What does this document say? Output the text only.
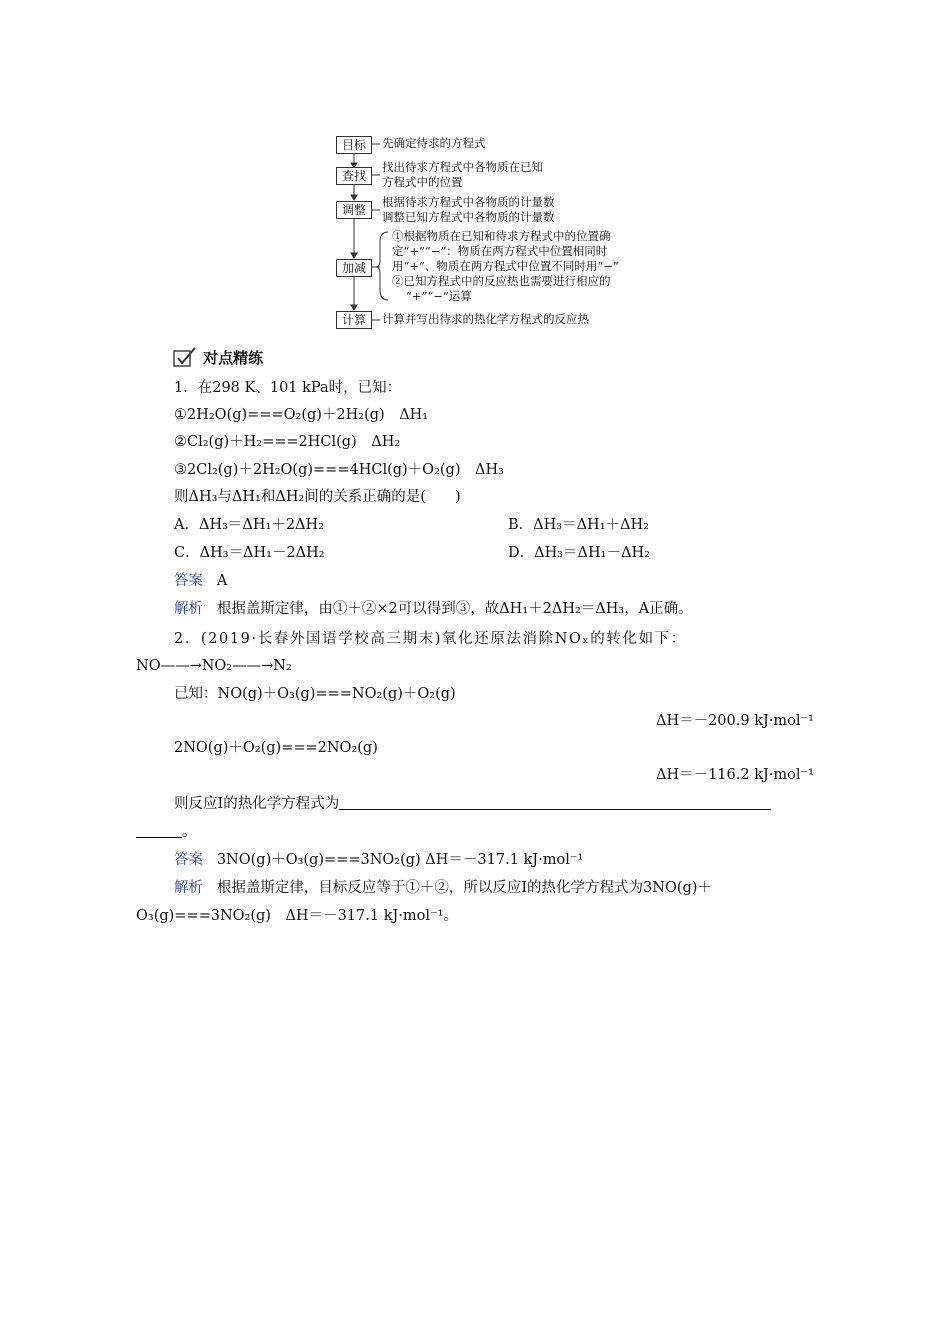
目标	先确定待求的方程式
查找
找出待求方程式中各物质在已知
方程式中的位置
调整
根据待求方程式中各物质的计量数
调整已知方程式中各物质的计量数
加减
①根据物质在已知和待求方程式中的位置确
定“+”“−”：物质在两方程式中位置相同时
用“+”、物质在两方程式中位置不同时用“−”
②已知方程式中的反应热也需要进行相应的
“+”“−”运算
计算	计算并写出待求的热化学方程式的反应热
对点精练
1．在298 K、101 kPa时，已知：
①2H₂O(g)===O₂(g)＋2H₂(g)　ΔH₁
②Cl₂(g)＋H₂===2HCl(g)　ΔH₂
③2Cl₂(g)＋2H₂O(g)===4HCl(g)＋O₂(g)　ΔH₃
则ΔH₃与ΔH₁和ΔH₂间的关系正确的是(　　)
A．ΔH₃＝ΔH₁＋2ΔH₂	B．ΔH₃＝ΔH₁＋ΔH₂
C．ΔH₃＝ΔH₁－2ΔH₂	D．ΔH₃＝ΔH₁－ΔH₂
答案 A
解析 根据盖斯定律，由①＋②×2可以得到③，故ΔH₁＋2ΔH₂＝ΔH₃，A正确。
2．(2019·长春外国语学校高三期末)氧化还原法消除NOₓ的转化如下：
NO——→NO₂——→N₂
已知：NO(g)＋O₃(g)===NO₂(g)＋O₂(g)
ΔH＝－200.9 kJ·mol⁻¹
2NO(g)＋O₂(g)===2NO₂(g)
ΔH＝－116.2 kJ·mol⁻¹
则反应Ⅰ的热化学方程式为
。
答案 3NO(g)＋O₃(g)===3NO₂(g) ΔH＝－317.1 kJ·mol⁻¹
解析 根据盖斯定律，目标反应等于①＋②，所以反应Ⅰ的热化学方程式为3NO(g)＋
O₃(g)===3NO₂(g)　ΔH＝－317.1 kJ·mol⁻¹。
